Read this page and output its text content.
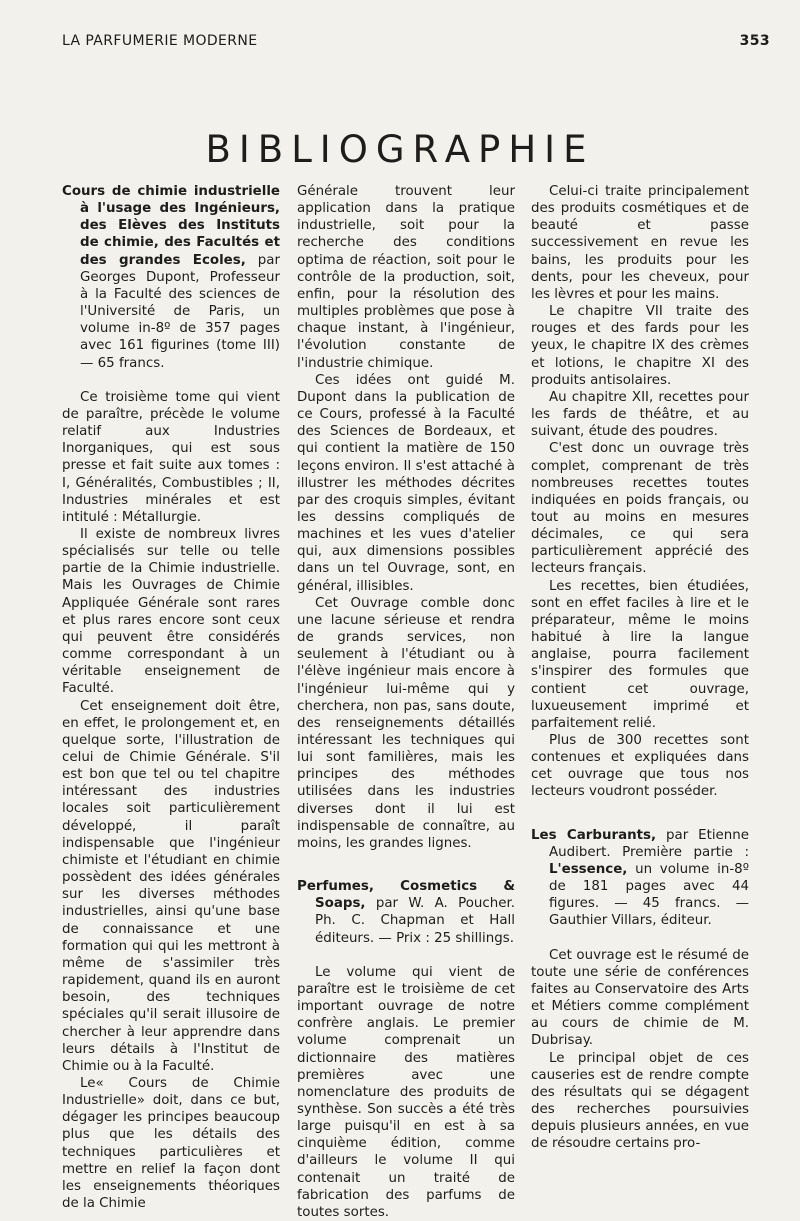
LA PARFUMERIE MODERNE	353
BIBLIOGRAPHIE

Cours de chimie industrielle à l'usage des Ingénieurs, des Elèves des Instituts de chimie, des Facultés et des grandes Ecoles, par Georges Dupont, Professeur à la Faculté des sciences de l'Université de Paris, un volume in-8º de 357 pages avec 161 figurines (tome III) — 65 francs.

Ce troisième tome qui vient de paraître, précède le volume relatif aux Industries Inorganiques, qui est sous presse et fait suite aux tomes : I, Généralités, Combustibles ; II, Industries minérales et est intitulé : Métallurgie.

Il existe de nombreux livres spécialisés sur telle ou telle partie de la Chimie industrielle. Mais les Ouvrages de Chimie Appliquée Générale sont rares et plus rares encore sont ceux qui peuvent être considérés comme correspondant à un véritable enseignement de Faculté.

Cet enseignement doit être, en effet, le prolongement et, en quelque sorte, l'illustration de celui de Chimie Générale. S'il est bon que tel ou tel chapitre intéressant des industries locales soit particulièrement développé, il paraît indispensable que l'ingénieur chimiste et l'étudiant en chimie possèdent des idées générales sur les diverses méthodes industrielles, ainsi qu'une base de connaissance et une formation qui qui les mettront à même de s'assimiler très rapidement, quand ils en auront besoin, des techniques spéciales qu'il serait illusoire de chercher à leur apprendre dans leurs détails à l'Institut de Chimie ou à la Faculté.

Le« Cours de Chimie Industrielle» doit, dans ce but, dégager les principes beaucoup plus que les détails des techniques particulières et mettre en relief la façon dont les enseignements théoriques de la Chimie

Générale trouvent leur application dans la pratique industrielle, soit pour la recherche des conditions optima de réaction, soit pour le contrôle de la production, soit, enfin, pour la résolution des multiples problèmes que pose à chaque instant, à l'ingénieur, l'évolution constante de l'industrie chimique.

Ces idées ont guidé M. Dupont dans la publication de ce Cours, professé à la Faculté des Sciences de Bordeaux, et qui contient la matière de 150 leçons environ. Il s'est attaché à illustrer les méthodes décrites par des croquis simples, évitant les dessins compliqués de machines et les vues d'atelier qui, aux dimensions possibles dans un tel Ouvrage, sont, en général, illisibles.

Cet Ouvrage comble donc une lacune sérieuse et rendra de grands services, non seulement à l'étudiant ou à l'élève ingénieur mais encore à l'ingénieur lui-même qui y cherchera, non pas, sans doute, des renseignements détaillés intéressant les techniques qui lui sont familières, mais les principes des méthodes utilisées dans les industries diverses dont il lui est indispensable de connaître, au moins, les grandes lignes.

Perfumes, Cosmetics & Soaps, par W. A. Poucher. Ph. C. Chapman et Hall éditeurs. — Prix : 25 shillings.

Le volume qui vient de paraître est le troisième de cet important ouvrage de notre confrère anglais. Le premier volume comprenait un dictionnaire des matières premières avec une nomenclature des produits de synthèse. Son succès a été très large puisqu'il en est à sa cinquième édition, comme d'ailleurs le volume II qui contenait un traité de fabrication des parfums de toutes sortes.

Celui-ci traite principalement des produits cosmétiques et de beauté et passe successivement en revue les bains, les produits pour les dents, pour les cheveux, pour les lèvres et pour les mains.

Le chapitre VII traite des rouges et des fards pour les yeux, le chapitre IX des crèmes et lotions, le chapitre XI des produits antisolaires.

Au chapitre XII, recettes pour les fards de théâtre, et au suivant, étude des poudres.

C'est donc un ouvrage très complet, comprenant de très nombreuses recettes toutes indiquées en poids français, ou tout au moins en mesures décimales, ce qui sera particulièrement apprécié des lecteurs français.

Les recettes, bien étudiées, sont en effet faciles à lire et le préparateur, même le moins habitué à lire la langue anglaise, pourra facilement s'inspirer des formules que contient cet ouvrage, luxueusement imprimé et parfaitement relié.

Plus de 300 recettes sont contenues et expliquées dans cet ouvrage que tous nos lecteurs voudront posséder.

Les Carburants, par Etienne Audibert. Première partie : L'essence, un volume in-8º de 181 pages avec 44 figures. — 45 francs. — Gauthier Villars, éditeur.

Cet ouvrage est le résumé de toute une série de conférences faites au Conservatoire des Arts et Métiers comme complément au cours de chimie de M. Dubrisay.

Le principal objet de ces causeries est de rendre compte des résultats qui se dégagent des recherches poursuivies depuis plusieurs années, en vue de résoudre certains pro-
